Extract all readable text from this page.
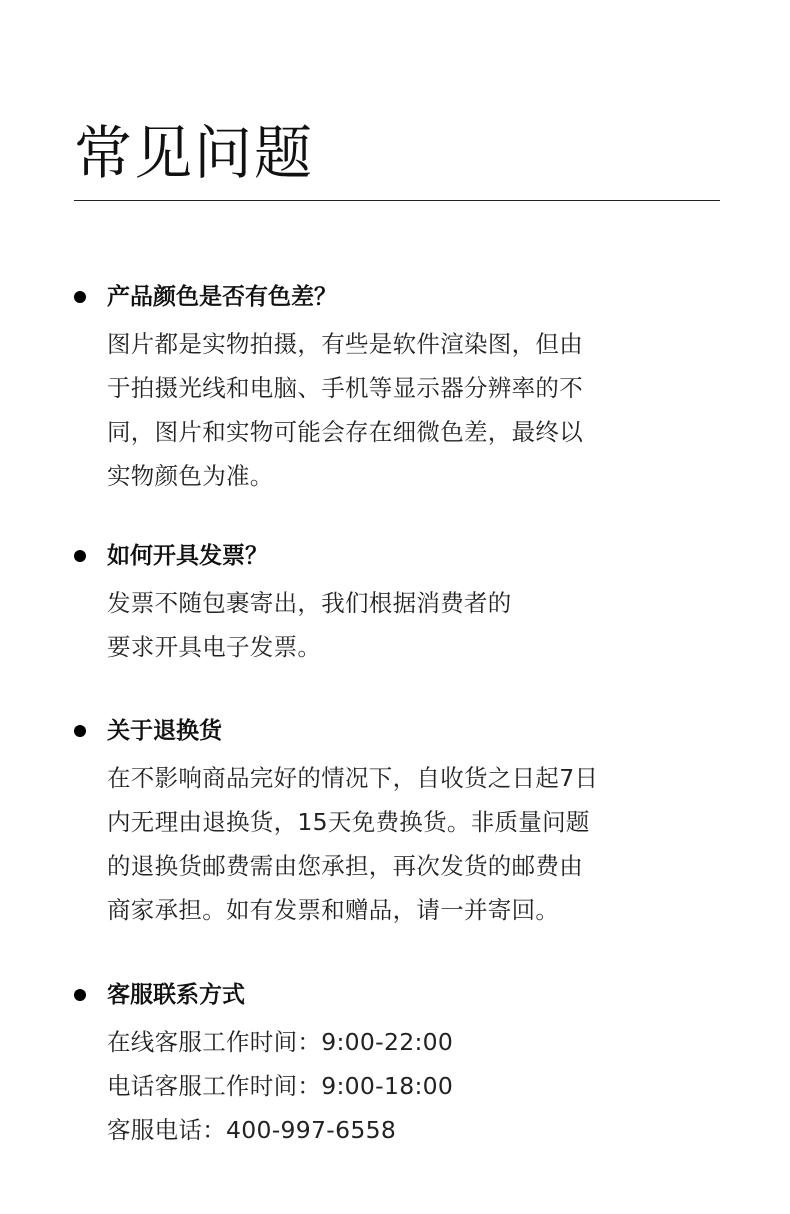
常见问题
产品颜色是否有色差？
图片都是实物拍摄，有些是软件渲染图，但由
于拍摄光线和电脑、手机等显示器分辨率的不
同，图片和实物可能会存在细微色差，最终以
实物颜色为准。
如何开具发票？
发票不随包裹寄出，我们根据消费者的
要求开具电子发票。
关于退换货
在不影响商品完好的情况下，自收货之日起7日
内无理由退换货，15天免费换货。非质量问题
的退换货邮费需由您承担，再次发货的邮费由
商家承担。如有发票和赠品，请一并寄回。
客服联系方式
在线客服工作时间：9:00-22:00
电话客服工作时间：9:00-18:00
客服电话：400-997-6558
